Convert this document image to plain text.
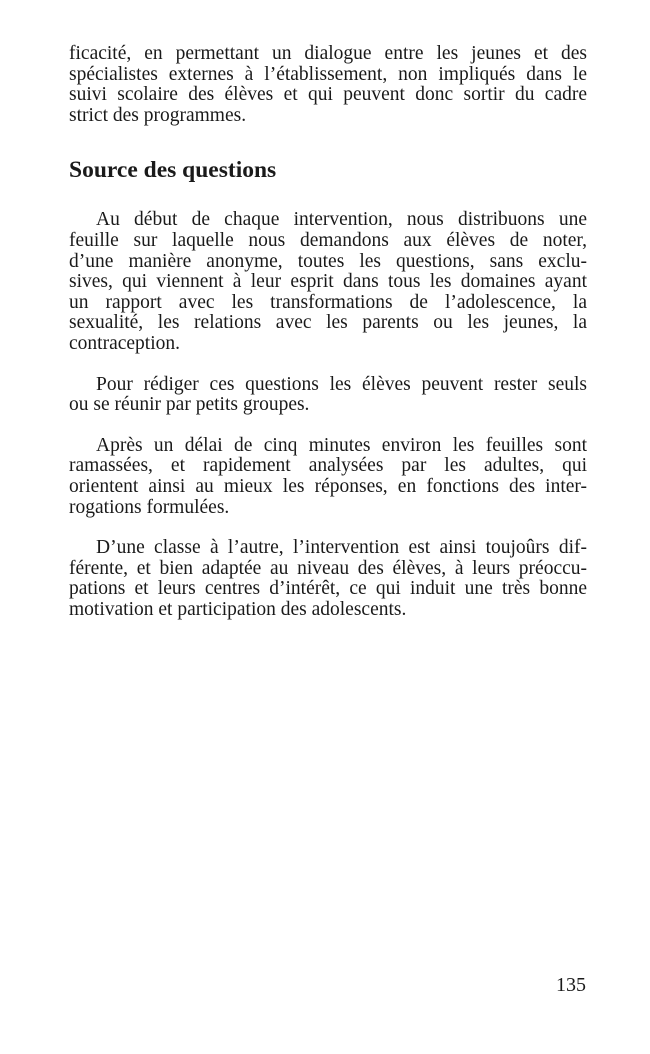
ficacité, en permettant un dialogue entre les jeunes et des
spécialistes externes à l’établissement, non impliqués dans le
suivi scolaire des élèves et qui peuvent donc sortir du cadre
strict des programmes.
Source des questions
Au début de chaque intervention, nous distribuons une
feuille sur laquelle nous demandons aux élèves de noter,
d’une manière anonyme, toutes les questions, sans exclu-
sives, qui viennent à leur esprit dans tous les domaines ayant
un rapport avec les transformations de l’adolescence, la
sexualité, les relations avec les parents ou les jeunes, la
contraception.
Pour rédiger ces questions les élèves peuvent rester seuls
ou se réunir par petits groupes.
Après un délai de cinq minutes environ les feuilles sont
ramassées, et rapidement analysées par les adultes, qui
orientent ainsi au mieux les réponses, en fonctions des inter-
rogations formulées.
D’une classe à l’autre, l’intervention est ainsi toujoûrs dif-
férente, et bien adaptée au niveau des élèves, à leurs préoccu-
pations et leurs centres d’intérêt, ce qui induit une très bonne
motivation et participation des adolescents.
135
